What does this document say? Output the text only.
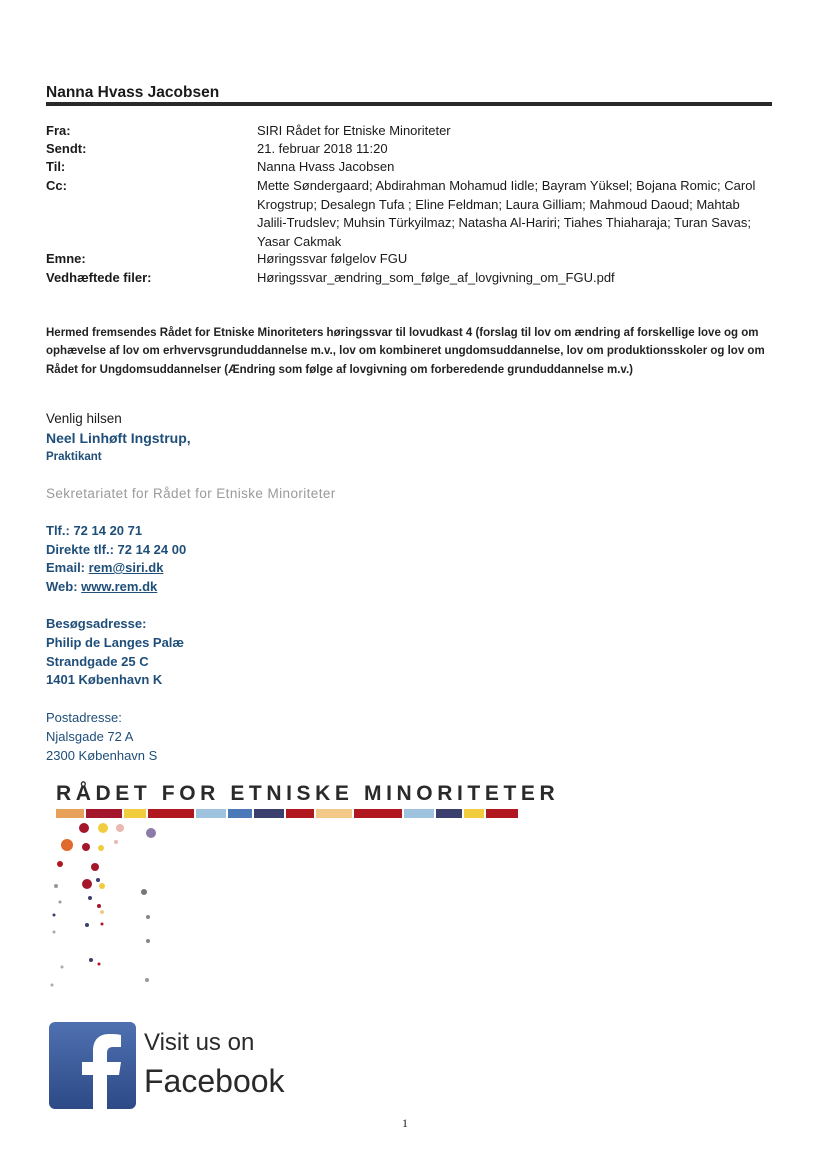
Nanna Hvass Jacobsen
Fra:	SIRI Rådet for Etniske Minoriteter
Sendt:	21. februar 2018 11:20
Til:	Nanna Hvass Jacobsen
Cc:	Mette Søndergaard; Abdirahman Mohamud Iidle; Bayram Yüksel; Bojana Romic; Carol Krogstrup; Desalegn Tufa ; Eline Feldman; Laura Gilliam; Mahmoud Daoud; Mahtab Jalili-Trudslev; Muhsin Türkyilmaz; Natasha Al-Hariri; Tiahes Thiaharaja; Turan Savas; Yasar Cakmak
Emne:	Høringssvar følgelov FGU
Vedhæftede filer:	Høringssvar_ændring_som_følge_af_lovgivning_om_FGU.pdf
Hermed fremsendes Rådet for Etniske Minoriteters høringssvar til lovudkast 4 (forslag til lov om ændring af forskellige love og om ophævelse af lov om erhvervsgrunduddannelse m.v., lov om kombineret ungdomsuddannelse, lov om produktionsskoler og lov om Rådet for Ungdomsuddannelser (Ændring som følge af lovgivning om forberedende grunduddannelse m.v.)
Venlig hilsen
Neel Linhøft Ingstrup,
Praktikant
Sekretariatet for Rådet for Etniske Minoriteter
Tlf.: 72 14 20 71
Direkte tlf.: 72 14 24 00
Email: rem@siri.dk
Web: www.rem.dk
Besøgsadresse:
Philip de Langes Palæ
Strandgade 25 C
1401 København K
Postadresse:
Njalsgade 72 A
2300 København S
RÅDET FOR ETNISKE MINORITETER
Visit us on
Facebook
1
